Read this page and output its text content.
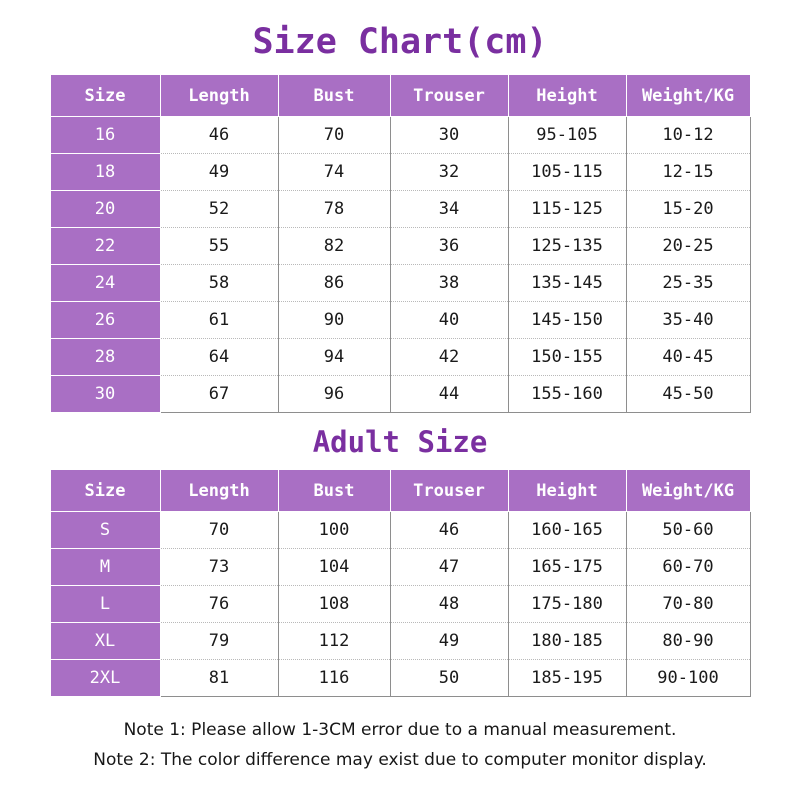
Size Chart(cm)
Size	Length	Bust	Trouser	Height	Weight/KG
16	46	70	30	95-105	10-12
18	49	74	32	105-115	12-15
20	52	78	34	115-125	15-20
22	55	82	36	125-135	20-25
24	58	86	38	135-145	25-35
26	61	90	40	145-150	35-40
28	64	94	42	150-155	40-45
30	67	96	44	155-160	45-50
Adult Size
Size	Length	Bust	Trouser	Height	Weight/KG
S	70	100	46	160-165	50-60
M	73	104	47	165-175	60-70
L	76	108	48	175-180	70-80
XL	79	112	49	180-185	80-90
2XL	81	116	50	185-195	90-100
Note 1: Please allow 1-3CM error due to a manual measurement.
Note 2: The color difference may exist due to computer monitor display.
